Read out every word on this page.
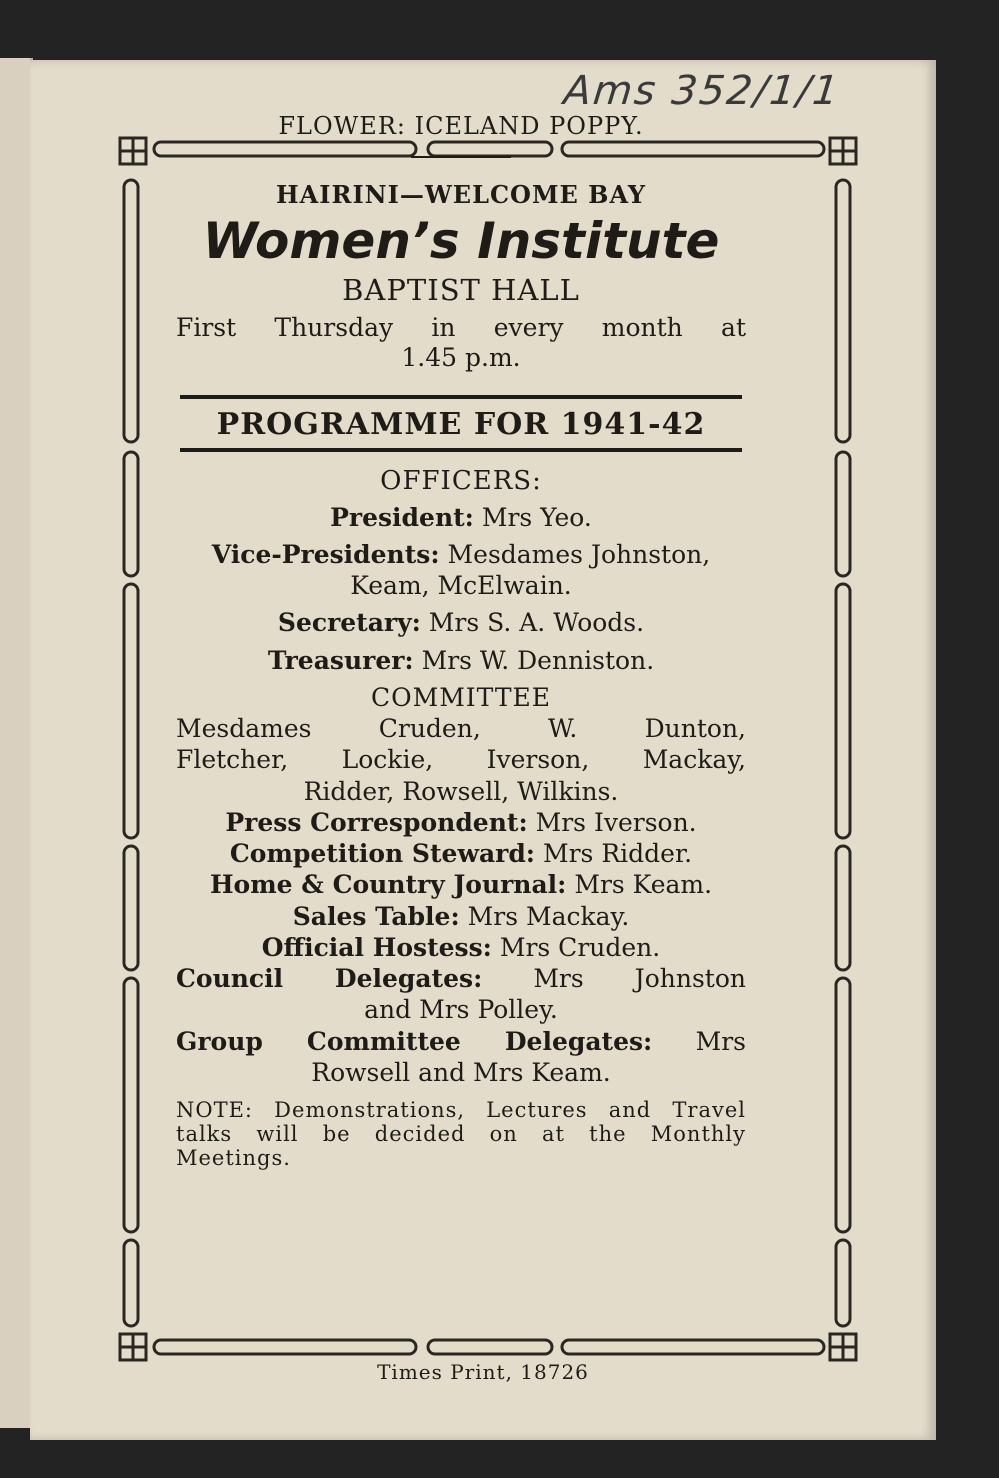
Ams 352/1/1
FLOWER: ICELAND POPPY.
HAIRINI—WELCOME BAY
Women’s Institute
BAPTIST HALL
First Thursday in every month at
1.45 p.m.
PROGRAMME FOR 1941-42
OFFICERS:
President: Mrs Yeo.
Vice-Presidents: Mesdames Johnston,
Keam, McElwain.
Secretary: Mrs S. A. Woods.
Treasurer: Mrs W. Denniston.
COMMITTEE
Mesdames Cruden, W. Dunton,
Fletcher, Lockie, Iverson, Mackay,
Ridder, Rowsell, Wilkins.
Press Correspondent: Mrs Iverson.
Competition Steward: Mrs Ridder.
Home & Country Journal: Mrs Keam.
Sales Table: Mrs Mackay.
Official Hostess: Mrs Cruden.
Council Delegates: Mrs Johnston
and Mrs Polley.
Group Committee Delegates: Mrs
Rowsell and Mrs Keam.
NOTE: Demonstrations, Lectures and Travel talks will be decided on at the Monthly Meetings.
Times Print, 18726
